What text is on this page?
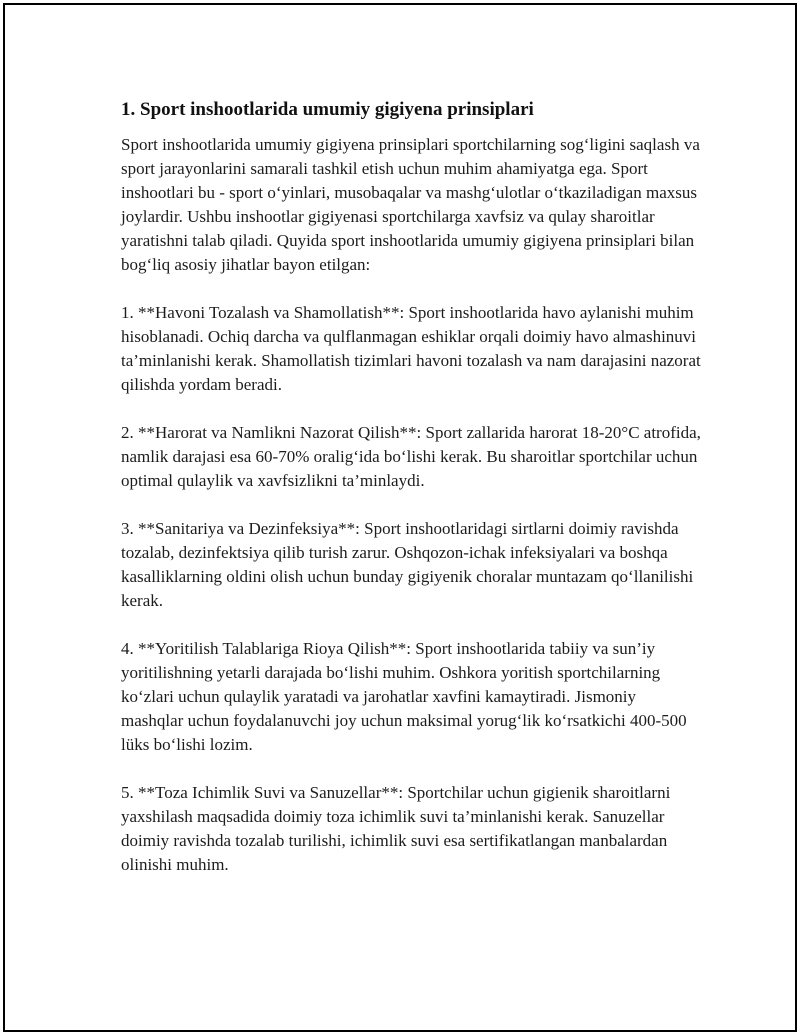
1. Sport inshootlarida umumiy gigiyena prinsiplari

Sport inshootlarida umumiy gigiyena prinsiplari sportchilarning sog‘ligini saqlash va sport jarayonlarini samarali tashkil etish uchun muhim ahamiyatga ega. Sport inshootlari bu - sport o‘yinlari, musobaqalar va mashg‘ulotlar o‘tkaziladigan maxsus joylardir. Ushbu inshootlar gigiyenasi sportchilarga xavfsiz va qulay sharoitlar yaratishni talab qiladi. Quyida sport inshootlarida umumiy gigiyena prinsiplari bilan bog‘liq asosiy jihatlar bayon etilgan:

1. **Havoni Tozalash va Shamollatish**: Sport inshootlarida havo aylanishi muhim hisoblanadi. Ochiq darcha va qulflanmagan eshiklar orqali doimiy havo almashinuvi ta’minlanishi kerak. Shamollatish tizimlari havoni tozalash va nam darajasini nazorat qilishda yordam beradi.

2. **Harorat va Namlikni Nazorat Qilish**: Sport zallarida harorat 18-20°C atrofida, namlik darajasi esa 60-70% oralig‘ida bo‘lishi kerak. Bu sharoitlar sportchilar uchun optimal qulaylik va xavfsizlikni ta’minlaydi.

3. **Sanitariya va Dezinfeksiya**: Sport inshootlaridagi sirtlarni doimiy ravishda tozalab, dezinfektsiya qilib turish zarur. Oshqozon-ichak infeksiyalari va boshqa kasalliklarning oldini olish uchun bunday gigiyenik choralar muntazam qo‘llanilishi kerak.

4. **Yoritilish Talablariga Rioya Qilish**: Sport inshootlarida tabiiy va sun’iy yoritilishning yetarli darajada bo‘lishi muhim. Oshkora yoritish sportchilarning ko‘zlari uchun qulaylik yaratadi va jarohatlar xavfini kamaytiradi. Jismoniy mashqlar uchun foydalanuvchi joy uchun maksimal yorug‘lik ko‘rsatkichi 400-500 lüks bo‘lishi lozim.

5. **Toza Ichimlik Suvi va Sanuzellar**: Sportchilar uchun gigienik sharoitlarni yaxshilash maqsadida doimiy toza ichimlik suvi ta’minlanishi kerak. Sanuzellar doimiy ravishda tozalab turilishi, ichimlik suvi esa sertifikatlangan manbalardan olinishi muhim.
